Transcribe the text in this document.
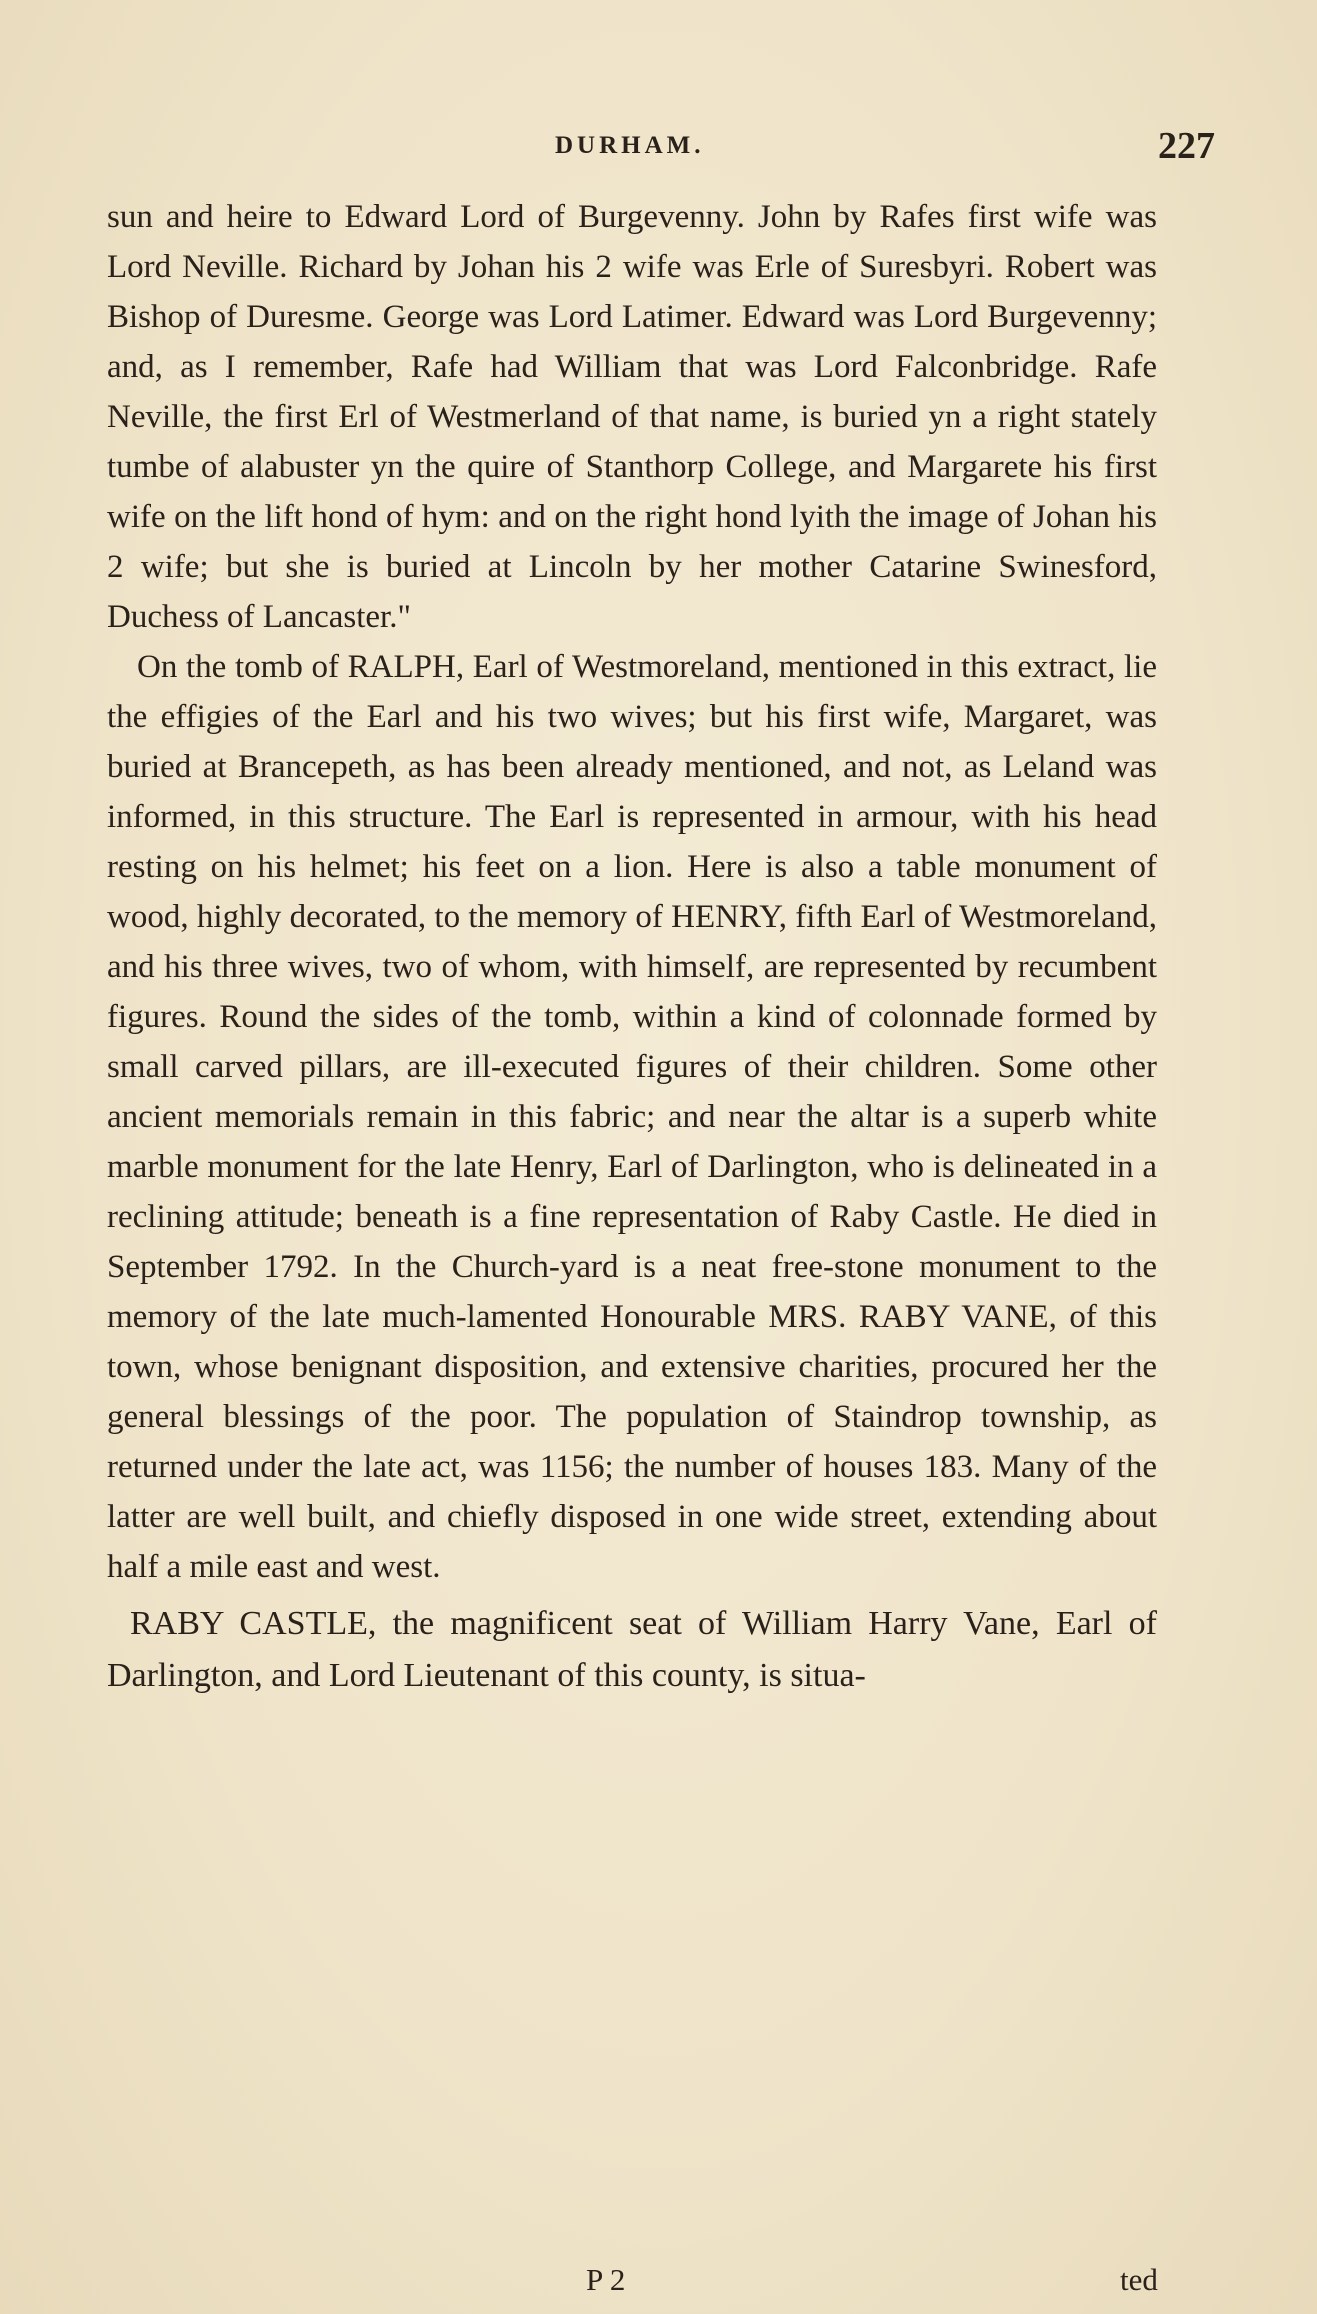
DURHAM.	227

sun and heire to Edward Lord of Burgevenny. John by Rafes first wife was Lord Neville. Richard by Johan his 2 wife was Erle of Suresbyri. Robert was Bishop of Duresme. George was Lord Latimer. Edward was Lord Burgevenny; and, as I remember, Rafe had William that was Lord Falconbridge. Rafe Neville, the first Erl of Westmerland of that name, is buried yn a right stately tumbe of alabuster yn the quire of Stanthorp College, and Margarete his first wife on the lift hond of hym: and on the right hond lyith the image of Johan his 2 wife; but she is buried at Lincoln by her mother Catarine Swinesford, Duchess of Lancaster."

On the tomb of RALPH, Earl of Westmoreland, mentioned in this extract, lie the effigies of the Earl and his two wives; but his first wife, Margaret, was buried at Brancepeth, as has been already mentioned, and not, as Leland was informed, in this structure. The Earl is represented in armour, with his head resting on his helmet; his feet on a lion. Here is also a table monument of wood, highly decorated, to the memory of HENRY, fifth Earl of Westmoreland, and his three wives, two of whom, with himself, are represented by recumbent figures. Round the sides of the tomb, within a kind of colonnade formed by small carved pillars, are ill-executed figures of their children. Some other ancient memorials remain in this fabric; and near the altar is a superb white marble monument for the late Henry, Earl of Darlington, who is delineated in a reclining attitude; beneath is a fine representation of Raby Castle. He died in September 1792. In the Church-yard is a neat free-stone monument to the memory of the late much-lamented Honourable MRS. RABY VANE, of this town, whose benignant disposition, and extensive charities, procured her the general blessings of the poor. The population of Staindrop township, as returned under the late act, was 1156; the number of houses 183. Many of the latter are well built, and chiefly disposed in one wide street, extending about half a mile east and west.

RABY CASTLE, the magnificent seat of William Harry Vane, Earl of Darlington, and Lord Lieutenant of this county, is situa-

P 2	ted
